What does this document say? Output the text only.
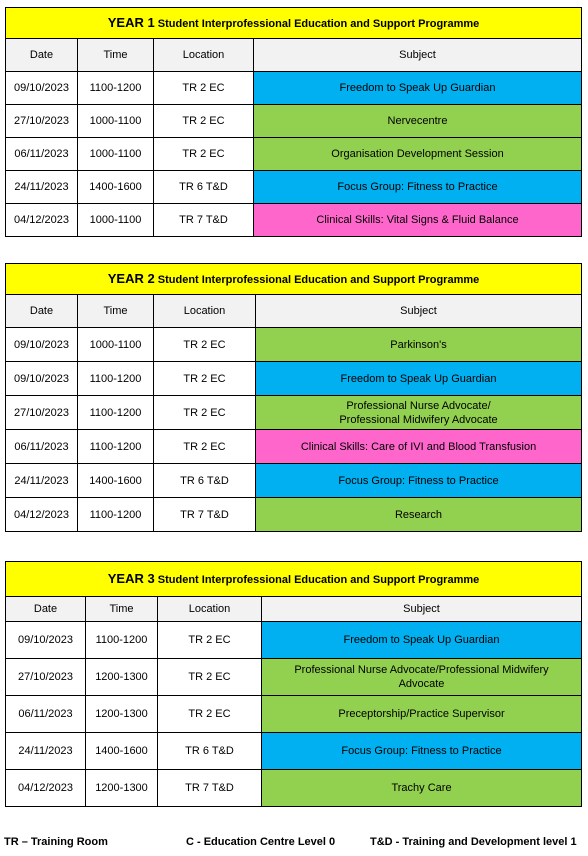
YEAR 1 Student Interprofessional Education and Support Programme			
Date	Time	Location	Subject
09/10/2023	1100-1200	TR 2 EC	Freedom to Speak Up Guardian
27/10/2023	1000-1100	TR 2 EC	Nervecentre
06/11/2023	1000-1100	TR 2 EC	Organisation Development Session
24/11/2023	1400-1600	TR 6 T&D	Focus Group: Fitness to Practice
04/12/2023	1000-1100	TR 7 T&D	Clinical Skills: Vital Signs & Fluid Balance
YEAR 2 Student Interprofessional Education and Support Programme			
Date	Time	Location	Subject
09/10/2023	1000-1100	TR 2 EC	Parkinson's
09/10/2023	1100-1200	TR 2 EC	Freedom to Speak Up Guardian
27/10/2023	1100-1200	TR 2 EC	Professional Nurse Advocate/
Professional Midwifery Advocate
06/11/2023	1100-1200	TR 2 EC	Clinical Skills: Care of IVI and Blood Transfusion
24/11/2023	1400-1600	TR 6 T&D	Focus Group: Fitness to Practice
04/12/2023	1100-1200	TR 7 T&D	Research
YEAR 3 Student Interprofessional Education and Support Programme			
Date	Time	Location	Subject
09/10/2023	1100-1200	TR 2 EC	Freedom to Speak Up Guardian
27/10/2023	1200-1300	TR 2 EC	Professional Nurse Advocate/Professional Midwifery
Advocate
06/11/2023	1200-1300	TR 2 EC	Preceptorship/Practice Supervisor
24/11/2023	1400-1600	TR 6 T&D	Focus Group: Fitness to Practice
04/12/2023	1200-1300	TR 7 T&D	Trachy Care
TR – Training Room	C - Education Centre Level 0	T&D - Training and Development level 1
